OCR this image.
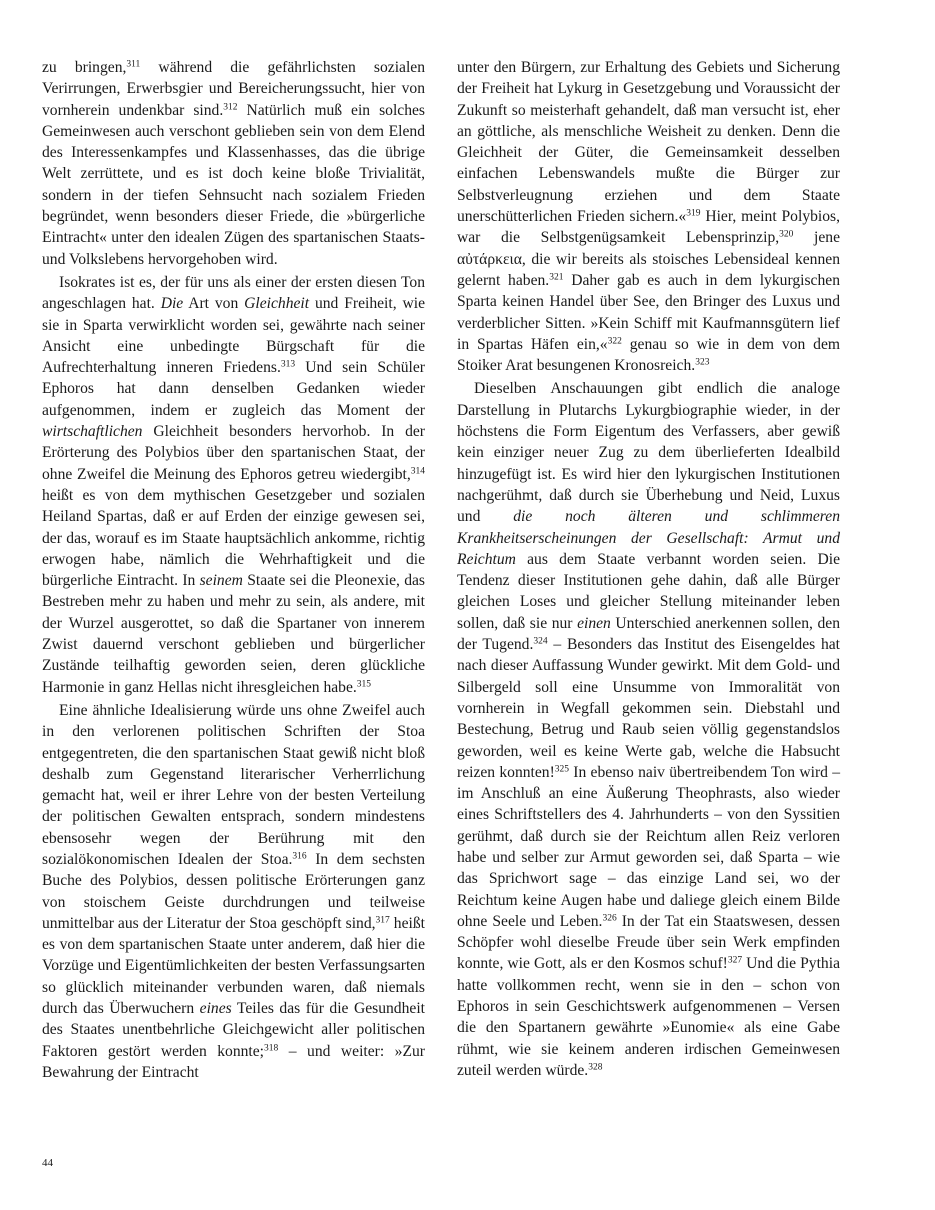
zu bringen,$^{311}$ während die gefährlichsten sozialen Verirrungen, Erwerbsgier und Bereicherungssucht, hier von vornherein undenkbar sind.$^{312}$ Natürlich muß ein solches Gemeinwesen auch verschont geblieben sein von dem Elend des Interessenkampfes und Klassenhasses, das die übrige Welt zerrüttete, und es ist doch keine bloße Trivialität, sondern in der tiefen Sehnsucht nach sozialem Frieden begründet, wenn besonders dieser Friede, die »bürgerliche Eintracht« unter den idealen Zügen des spartanischen Staats- und Volkslebens hervorgehoben wird.

Isokrates ist es, der für uns als einer der ersten diesen Ton angeschlagen hat. Die Art von Gleichheit und Freiheit, wie sie in Sparta verwirklicht worden sei, gewährte nach seiner Ansicht eine unbedingte Bürgschaft für die Aufrechterhaltung inneren Friedens.$^{313}$ Und sein Schüler Ephoros hat dann denselben Gedanken wieder aufgenommen, indem er zugleich das Moment der wirtschaftlichen Gleichheit besonders hervorhob. In der Erörterung des Polybios über den spartanischen Staat, der ohne Zweifel die Meinung des Ephoros getreu wiedergibt,$^{314}$ heißt es von dem mythischen Gesetzgeber und sozialen Heiland Spartas, daß er auf Erden der einzige gewesen sei, der das, worauf es im Staate hauptsächlich ankomme, richtig erwogen habe, nämlich die Wehrhaftigkeit und die bürgerliche Eintracht. In seinem Staate sei die Pleonexie, das Bestreben mehr zu haben und mehr zu sein, als andere, mit der Wurzel ausgerottet, so daß die Spartaner von innerem Zwist dauernd verschont geblieben und bürgerlicher Zustände teilhaftig geworden seien, deren glückliche Harmonie in ganz Hellas nicht ihresgleichen habe.$^{315}$

Eine ähnliche Idealisierung würde uns ohne Zweifel auch in den verlorenen politischen Schriften der Stoa entgegentreten, die den spartanischen Staat gewiß nicht bloß deshalb zum Gegenstand literarischer Verherrlichung gemacht hat, weil er ihrer Lehre von der besten Verteilung der politischen Gewalten entsprach, sondern mindestens ebensosehr wegen der Berührung mit den sozialökonomischen Idealen der Stoa.$^{316}$ In dem sechsten Buche des Polybios, dessen politische Erörterungen ganz von stoischem Geiste durchdrungen und teilweise unmittelbar aus der Literatur der Stoa geschöpft sind,$^{317}$ heißt es von dem spartanischen Staate unter anderem, daß hier die Vorzüge und Eigentümlichkeiten der besten Verfassungsarten so glücklich miteinander verbunden waren, daß niemals durch das Überwuchern eines Teiles das für die Gesundheit des Staates unentbehrliche Gleichgewicht aller politischen Faktoren gestört werden konnte;$^{318}$ – und weiter: »Zur Bewahrung der Eintracht

unter den Bürgern, zur Erhaltung des Gebiets und Sicherung der Freiheit hat Lykurg in Gesetzgebung und Voraussicht der Zukunft so meisterhaft gehandelt, daß man versucht ist, eher an göttliche, als menschliche Weisheit zu denken. Denn die Gleichheit der Güter, die Gemeinsamkeit desselben einfachen Lebenswandels mußte die Bürger zur Selbstverleugnung erziehen und dem Staate unerschütterlichen Frieden sichern.«$^{319}$ Hier, meint Polybios, war die Selbstgenügsamkeit Lebensprinzip,$^{320}$ jene αὐτάρκεια, die wir bereits als stoisches Lebensideal kennen gelernt haben.$^{321}$ Daher gab es auch in dem lykurgischen Sparta keinen Handel über See, den Bringer des Luxus und verderblicher Sitten. »Kein Schiff mit Kaufmannsgütern lief in Spartas Häfen ein,«$^{322}$ genau so wie in dem von dem Stoiker Arat besungenen Kronosreich.$^{323}$

Dieselben Anschauungen gibt endlich die analoge Darstellung in Plutarchs Lykurgbiographie wieder, in der höchstens die Form Eigentum des Verfassers, aber gewiß kein einziger neuer Zug zu dem überlieferten Idealbild hinzugefügt ist. Es wird hier den lykurgischen Institutionen nachgerühmt, daß durch sie Überhebung und Neid, Luxus und die noch älteren und schlimmeren Krankheitserscheinungen der Gesellschaft: Armut und Reichtum aus dem Staate verbannt worden seien. Die Tendenz dieser Institutionen gehe dahin, daß alle Bürger gleichen Loses und gleicher Stellung miteinander leben sollen, daß sie nur einen Unterschied anerkennen sollen, den der Tugend.$^{324}$ – Besonders das Institut des Eisengeldes hat nach dieser Auffassung Wunder gewirkt. Mit dem Gold- und Silbergeld soll eine Unsumme von Immoralität von vornherein in Wegfall gekommen sein. Diebstahl und Bestechung, Betrug und Raub seien völlig gegenstandslos geworden, weil es keine Werte gab, welche die Habsucht reizen konnten!$^{325}$ In ebenso naiv übertreibendem Ton wird – im Anschluß an eine Äußerung Theophrasts, also wieder eines Schriftstellers des 4. Jahrhunderts – von den Syssitien gerühmt, daß durch sie der Reichtum allen Reiz verloren habe und selber zur Armut geworden sei, daß Sparta – wie das Sprichwort sage – das einzige Land sei, wo der Reichtum keine Augen habe und daliege gleich einem Bilde ohne Seele und Leben.$^{326}$ In der Tat ein Staatswesen, dessen Schöpfer wohl dieselbe Freude über sein Werk empfinden konnte, wie Gott, als er den Kosmos schuf!$^{327}$ Und die Pythia hatte vollkommen recht, wenn sie in den – schon von Ephoros in sein Geschichtswerk aufgenommenen – Versen die den Spartanern gewährte »Eunomie« als eine Gabe rühmt, wie sie keinem anderen irdischen Gemeinwesen zuteil werden würde.$^{328}$

44
